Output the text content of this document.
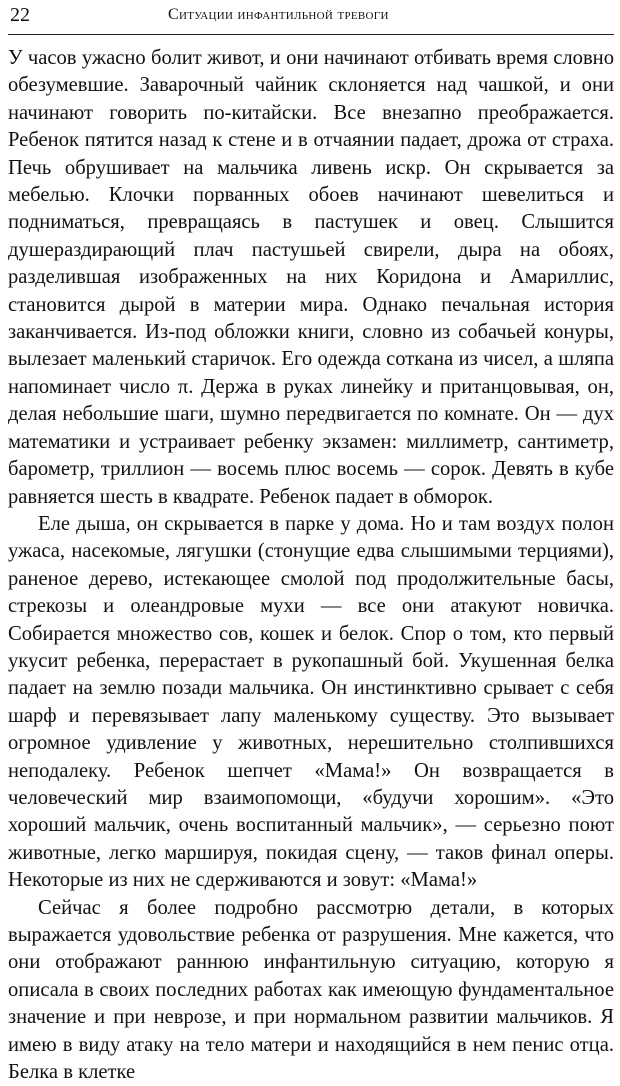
22	Ситуации инфантильной тревоги

У часов ужасно болит живот, и они начинают отбивать время словно обезумевшие. Заварочный чайник склоняется над чашкой, и они начинают говорить по-китайски. Все внезапно преображается. Ребенок пятится назад к стене и в отчаянии падает, дрожа от страха. Печь обрушивает на мальчика ливень искр. Он скрывается за мебелью. Клочки порванных обоев начинают шевелиться и подниматься, превращаясь в пастушек и овец. Слышится душераздирающий плач пастушьей свирели, дыра на обоях, разделившая изображенных на них Коридона и Амариллис, становится дырой в материи мира. Однако печальная история заканчивается. Из-под обложки книги, словно из собачьей конуры, вылезает маленький старичок. Его одежда соткана из чисел, а шляпа напоминает число π. Держа в руках линейку и пританцовывая, он, делая небольшие шаги, шумно передвигается по комнате. Он — дух математики и устраивает ребенку экзамен: миллиметр, сантиметр, барометр, триллион — восемь плюс восемь — сорок. Девять в кубе равняется шесть в квадрате. Ребенок падает в обморок.

Еле дыша, он скрывается в парке у дома. Но и там воздух полон ужаса, насекомые, лягушки (стонущие едва слышимыми терциями), раненое дерево, истекающее смолой под продолжительные басы, стрекозы и олеандровые мухи — все они атакуют новичка. Собирается множество сов, кошек и белок. Спор о том, кто первый укусит ребенка, перерастает в рукопашный бой. Укушенная белка падает на землю позади мальчика. Он инстинктивно срывает с себя шарф и перевязывает лапу маленькому существу. Это вызывает огромное удивление у животных, нерешительно столпившихся неподалеку. Ребенок шепчет «Мама!» Он возвращается в человеческий мир взаимопомощи, «будучи хорошим». «Это хороший мальчик, очень воспитанный мальчик», — серьезно поют животные, легко маршируя, покидая сцену, — таков финал оперы. Некоторые из них не сдерживаются и зовут: «Мама!»

Сейчас я более подробно рассмотрю детали, в которых выражается удовольствие ребенка от разрушения. Мне кажется, что они отображают раннюю инфантильную ситуацию, которую я описала в своих последних работах как имеющую фундаментальное значение и при неврозе, и при нормальном развитии мальчиков. Я имею в виду атаку на тело матери и находящийся в нем пенис отца. Белка в клетке
